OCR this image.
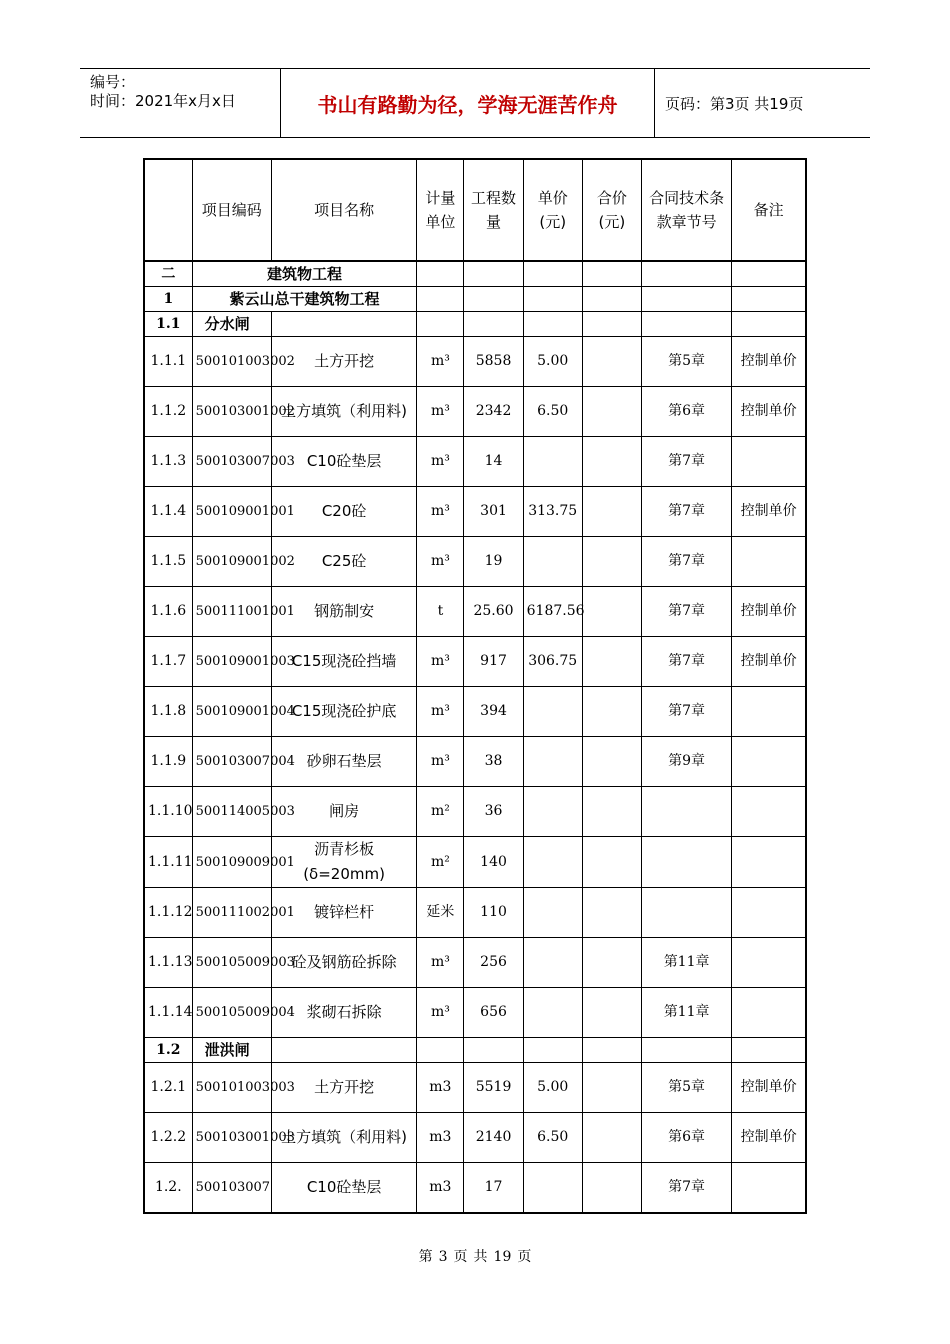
编号：
时间：2021年x月x日	书山有路勤为径，学海无涯苦作舟	页码：第3页 共19页
	项目编码	项目名称	计量单位	工程数量	单价(元)	合价(元)	合同技术条款章节号	备注
二	建筑物工程							
1	紫云山总干建筑物工程							
1.1	分水闸							
1.1.1	500101003002	土方开挖	m³	5858	5.00		第5章	控制单价
1.1.2	500103001002	土方填筑（利用料)	m³	2342	6.50		第6章	控制单价
1.1.3	500103007003	C10砼垫层	m³	14			第7章	
1.1.4	500109001001	C20砼	m³	301	313.75		第7章	控制单价
1.1.5	500109001002	C25砼	m³	19			第7章	
1.1.6	500111001001	钢筋制安	t	25.60	6187.56		第7章	控制单价
1.1.7	500109001003	C15现浇砼挡墙	m³	917	306.75		第7章	控制单价
1.1.8	500109001004	C15现浇砼护底	m³	394			第7章	
1.1.9	500103007004	砂卵石垫层	m³	38			第9章	
1.1.10	500114005003	闸房	m²	36				
1.1.11	500109009001	沥青杉板(δ=20mm)	m²	140				
1.1.12	500111002001	镀锌栏杆	延米	110				
1.1.13	500105009003	砼及钢筋砼拆除	m³	256			第11章	
1.1.14	500105009004	浆砌石拆除	m³	656			第11章	
1.2	泄洪闸							
1.2.1	500101003003	土方开挖	m3	5519	5.00		第5章	控制单价
1.2.2	500103001003	土方填筑（利用料)	m3	2140	6.50		第6章	控制单价
1.2.	500103007	C10砼垫层	m3	17			第7章	
第 3 页 共 19 页
